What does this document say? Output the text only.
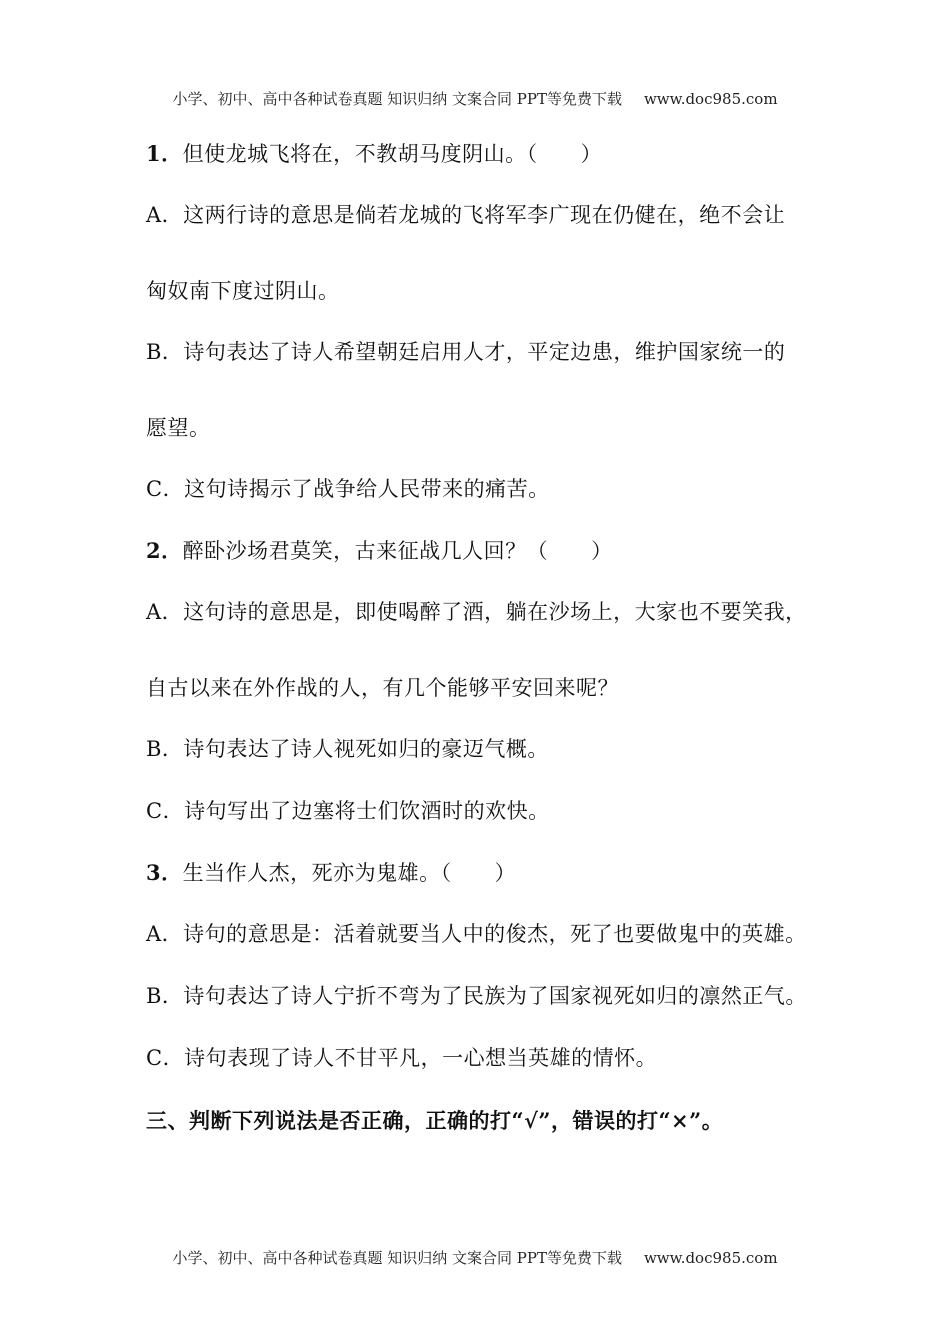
小学、初中、高中各种试卷真题 知识归纳 文案合同 PPT等免费下载 www.doc985.com
1．但使龙城飞将在，不教胡马度阴山。（　　）
A．这两行诗的意思是倘若龙城的飞将军李广现在仍健在，绝不会让
匈奴南下度过阴山。
B．诗句表达了诗人希望朝廷启用人才，平定边患，维护国家统一的
愿望。
C．这句诗揭示了战争给人民带来的痛苦。
2．醉卧沙场君莫笑，古来征战几人回？（　　）
A．这句诗的意思是，即使喝醉了酒，躺在沙场上，大家也不要笑我，
自古以来在外作战的人，有几个能够平安回来呢？
B．诗句表达了诗人视死如归的豪迈气概。
C．诗句写出了边塞将士们饮酒时的欢快。
3．生当作人杰，死亦为鬼雄。（　　）
A．诗句的意思是：活着就要当人中的俊杰，死了也要做鬼中的英雄。
B．诗句表达了诗人宁折不弯为了民族为了国家视死如归的凛然正气。
C．诗句表现了诗人不甘平凡，一心想当英雄的情怀。
三、判断下列说法是否正确，正确的打“√”，错误的打“×”。
小学、初中、高中各种试卷真题 知识归纳 文案合同 PPT等免费下载 www.doc985.com
